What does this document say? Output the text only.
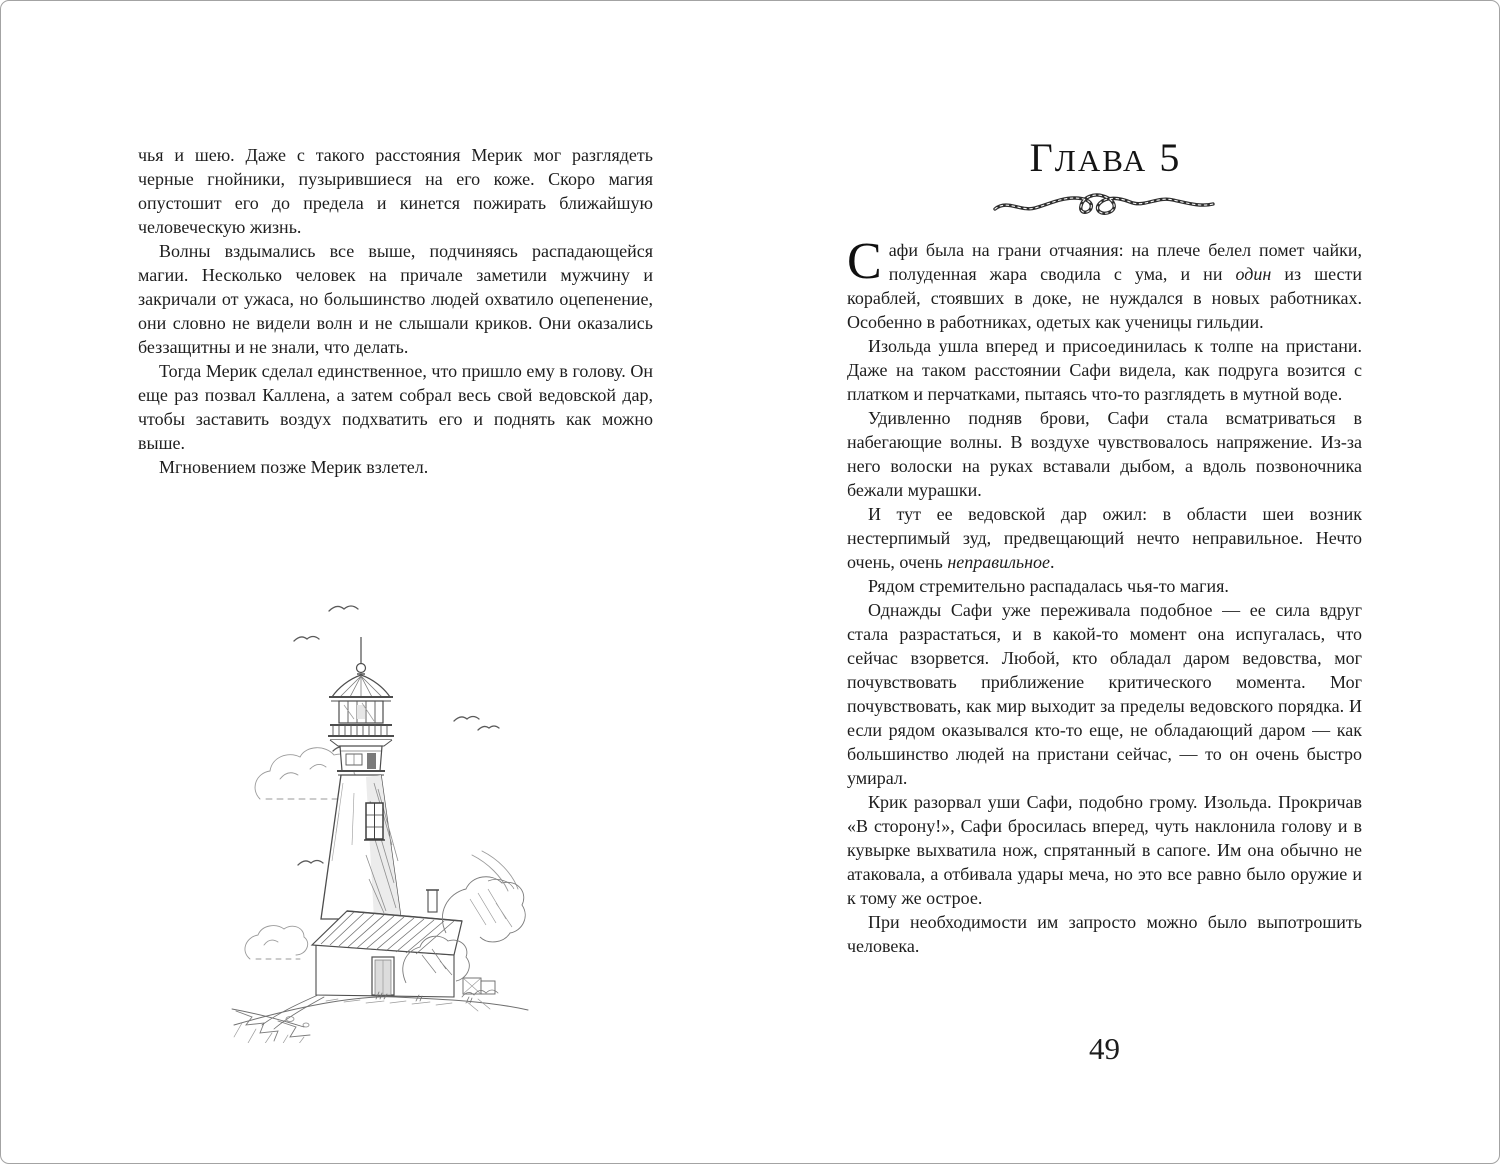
чья и шею. Даже с такого расстояния Мерик мог разглядеть черные гнойники, пузырившиеся на его коже. Скоро магия опустошит его до предела и кинется пожирать ближайшую человеческую жизнь.

Волны вздымались все выше, подчиняясь распадающейся магии. Несколько человек на причале заметили мужчину и закричали от ужаса, но большинство людей охватило оцепенение, они словно не видели волн и не слышали криков. Они оказались беззащитны и не знали, что делать.

Тогда Мерик сделал единственное, что пришло ему в голову. Он еще раз позвал Каллена, а затем собрал весь свой ведовской дар, чтобы заставить воздух подхватить его и поднять как можно выше.

Мгновением позже Мерик взлетел.

ГЛАВА 5

Сафи была на грани отчаяния: на плече белел помет чайки, полуденная жара сводила с ума, и ни один из шести кораблей, стоявших в доке, не нуждался в новых работниках. Особенно в работниках, одетых как ученицы гильдии.

Изольда ушла вперед и присоединилась к толпе на пристани. Даже на таком расстоянии Сафи видела, как подруга возится с платком и перчатками, пытаясь что-то разглядеть в мутной воде.

Удивленно подняв брови, Сафи стала всматриваться в набегающие волны. В воздухе чувствовалось напряжение. Из-за него волоски на руках вставали дыбом, а вдоль позвоночника бежали мурашки.

И тут ее ведовской дар ожил: в области шеи возник нестерпимый зуд, предвещающий нечто неправильное. Нечто очень, очень неправильное.

Рядом стремительно распадалась чья-то магия.

Однажды Сафи уже переживала подобное — ее сила вдруг стала разрастаться, и в какой-то момент она испугалась, что сейчас взорвется. Любой, кто обладал даром ведовства, мог почувствовать приближение критического момента. Мог почувствовать, как мир выходит за пределы ведовского порядка. И если рядом оказывался кто-то еще, не обладающий даром — как большинство людей на пристани сейчас, — то он очень быстро умирал.

Крик разорвал уши Сафи, подобно грому. Изольда. Прокричав «В сторону!», Сафи бросилась вперед, чуть наклонила голову и в кувырке выхватила нож, спрятанный в сапоге. Им она обычно не атаковала, а отбивала удары меча, но это все равно было оружие и к тому же острое.

При необходимости им запросто можно было выпотрошить человека.

49
